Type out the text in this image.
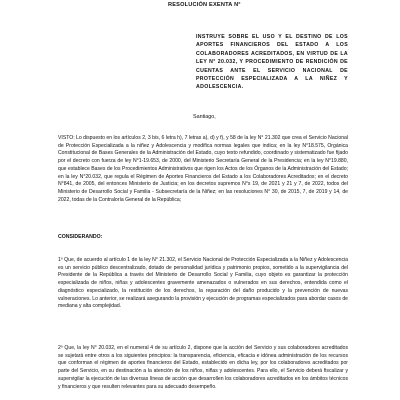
RESOLUCIÓN EXENTA N°
INSTRUYE SOBRE EL USO Y EL DESTINO DE LOS APORTES FINANCIEROS DEL ESTADO A LOS COLABORADORES ACREDITADOS, EN VIRTUD DE LA LEY N° 20.032, Y PROCEDIMIENTO DE RENDICIÓN DE CUENTAS ANTE EL SERVICIO NACIONAL DE PROTECCIÓN ESPECIALIZADA A LA NIÑEZ Y ADOLESCENCIA.
Santiago,

VISTO: Lo dispuesto en los artículos 2, 3 bis, 6 letra h), 7 letras a), d) y f), y 58 de la ley N° 21.302 que crea el Servicio Nacional de Protección Especializada a la niñez y Adolescencia y modifica normas legales que indica; en la ley N°18.575, Orgánica Constitucional de Bases Generales de la Administración del Estado, cuyo texto refundido, coordinado y sistematizado fue fijado por el decreto con fuerza de ley N°1-19.653, de 2000, del Ministerio Secretaría General de la Presidencia; en la ley N°19.880, que establece Bases de los Procedimientos Administrativos que rigen los Actos de los Órganos de la Administración del Estado; en la ley N°20.032, que regula el Régimen de Aportes Financieros del Estado a los Colaboradores Acreditados; en el decreto N°841, de 2005, del entonces Ministerio de Justicia; en los decretos supremos N°s 19, de 2021 y 21 y 7, de 2022, todos del Ministerio de Desarrollo Social y Familia - Subsecretaría de la Niñez; en las resoluciones N° 30, de 2015, 7, de 2019 y 14, de 2022, todas de la Contraloría General de la República;

CONSIDERANDO:

1º Que, de acuerdo al artículo 1 de la ley N° 21.302, el Servicio Nacional de Protección Especializada a la Niñez y Adolescencia es un servicio público descentralizado, dotado de personalidad jurídica y patrimonio propios, sometido a la supervigilancia del Presidente de la República a través del Ministerio de Desarrollo Social y Familia, cuyo objeto es garantizar la protección especializada de niños, niñas y adolescentes gravemente amenazados o vulnerados en sus derechos, entendida como el diagnóstico especializado, la restitución de los derechos, la reparación del daño producido y la prevención de nuevas vulneraciones. Lo anterior, se realizará asegurando la provisión y ejecución de programas especializados para abordar casos de mediana y alta complejidad.

2º Que, la ley N° 20.032, en el numeral 4 de su artículo 2, dispone que la acción del Servicio y sus colaboradores acreditados se sujetará entre otros a los siguientes principios: la transparencia, eficiencia, eficacia e idónea administración de los recursos que conforman el régimen de aportes financieros del Estado, establecido en dicha ley, por los colaboradores acreditados por parte del Servicio, en su destinación a la atención de los niños, niñas y adolescentes. Para ello, el Servicio deberá fiscalizar y supervigilar la ejecución de las diversas líneas de acción que desarrollen los colaboradores acreditados en los ámbitos técnicos y financieros y que resulten relevantes para su adecuado desempeño.
